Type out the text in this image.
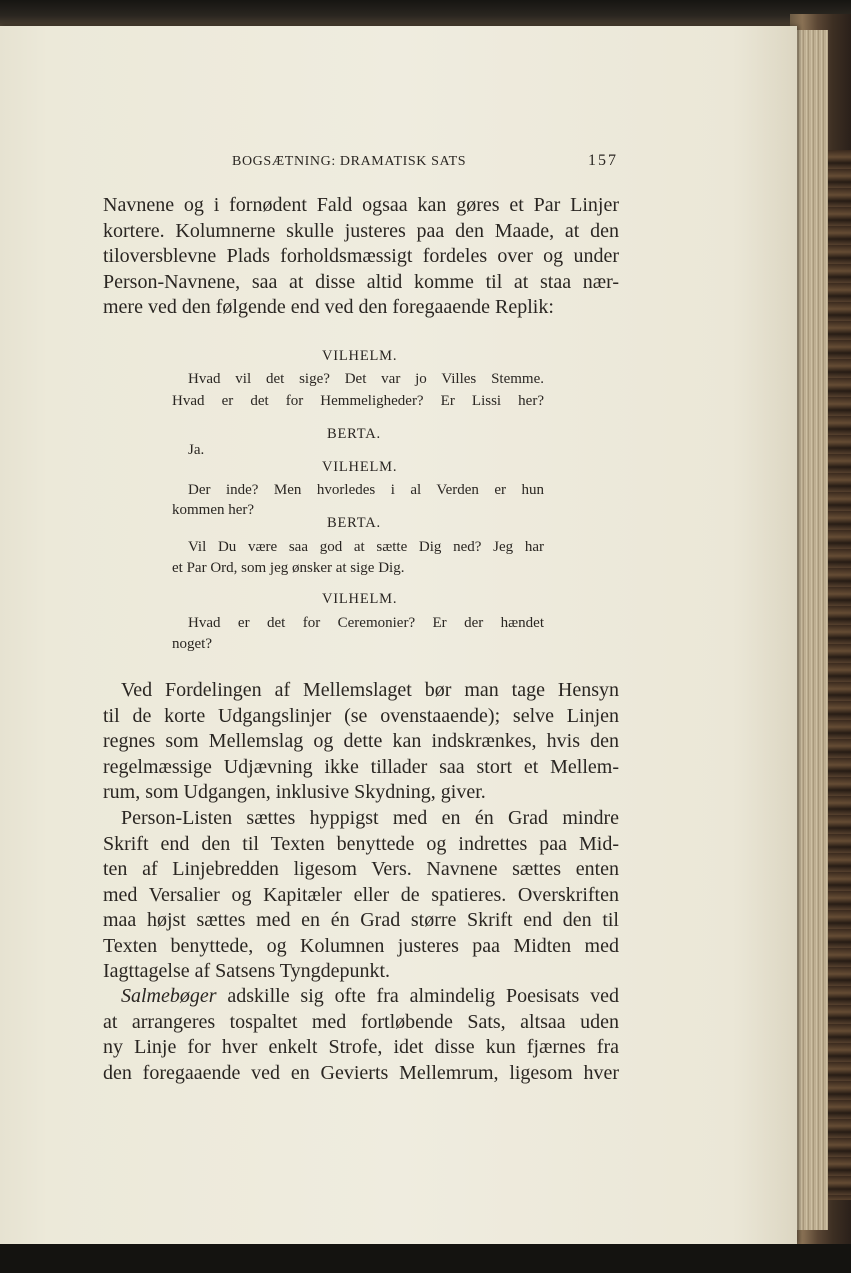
BOGSÆTNING: DRAMATISK SATS	157
Navnene og i fornødent Fald ogsaa kan gøres et Par Linjer
kortere. Kolumnerne skulle justeres paa den Maade, at den
tiloversblevne Plads forholdsmæssigt fordeles over og under
Person-Navnene, saa at disse altid komme til at staa nær-
mere ved den følgende end ved den foregaaende Replik:
VILHELM.
Hvad vil det sige? Det var jo Villes Stemme.
Hvad er det for Hemmeligheder? Er Lissi her?
BERTA.
Ja.
VILHELM.
Der inde? Men hvorledes i al Verden er hun
kommen her?
BERTA.
Vil Du være saa god at sætte Dig ned? Jeg har
et Par Ord, som jeg ønsker at sige Dig.
VILHELM.
Hvad er det for Ceremonier? Er der hændet
noget?
Ved Fordelingen af Mellemslaget bør man tage Hensyn
til de korte Udgangslinjer (se ovenstaaende); selve Linjen
regnes som Mellemslag og dette kan indskrænkes, hvis den
regelmæssige Udjævning ikke tillader saa stort et Mellem-
rum, som Udgangen, inklusive Skydning, giver.
Person-Listen sættes hyppigst med en én Grad mindre
Skrift end den til Texten benyttede og indrettes paa Mid-
ten af Linjebredden ligesom Vers. Navnene sættes enten
med Versalier og Kapitæler eller de spatieres. Overskriften
maa højst sættes med en én Grad større Skrift end den til
Texten benyttede, og Kolumnen justeres paa Midten med
Iagttagelse af Satsens Tyngdepunkt.
Salmebøger adskille sig ofte fra almindelig Poesisats ved
at arrangeres tospaltet med fortløbende Sats, altsaa uden
ny Linje for hver enkelt Strofe, idet disse kun fjærnes fra
den foregaaende ved en Gevierts Mellemrum, ligesom hver
